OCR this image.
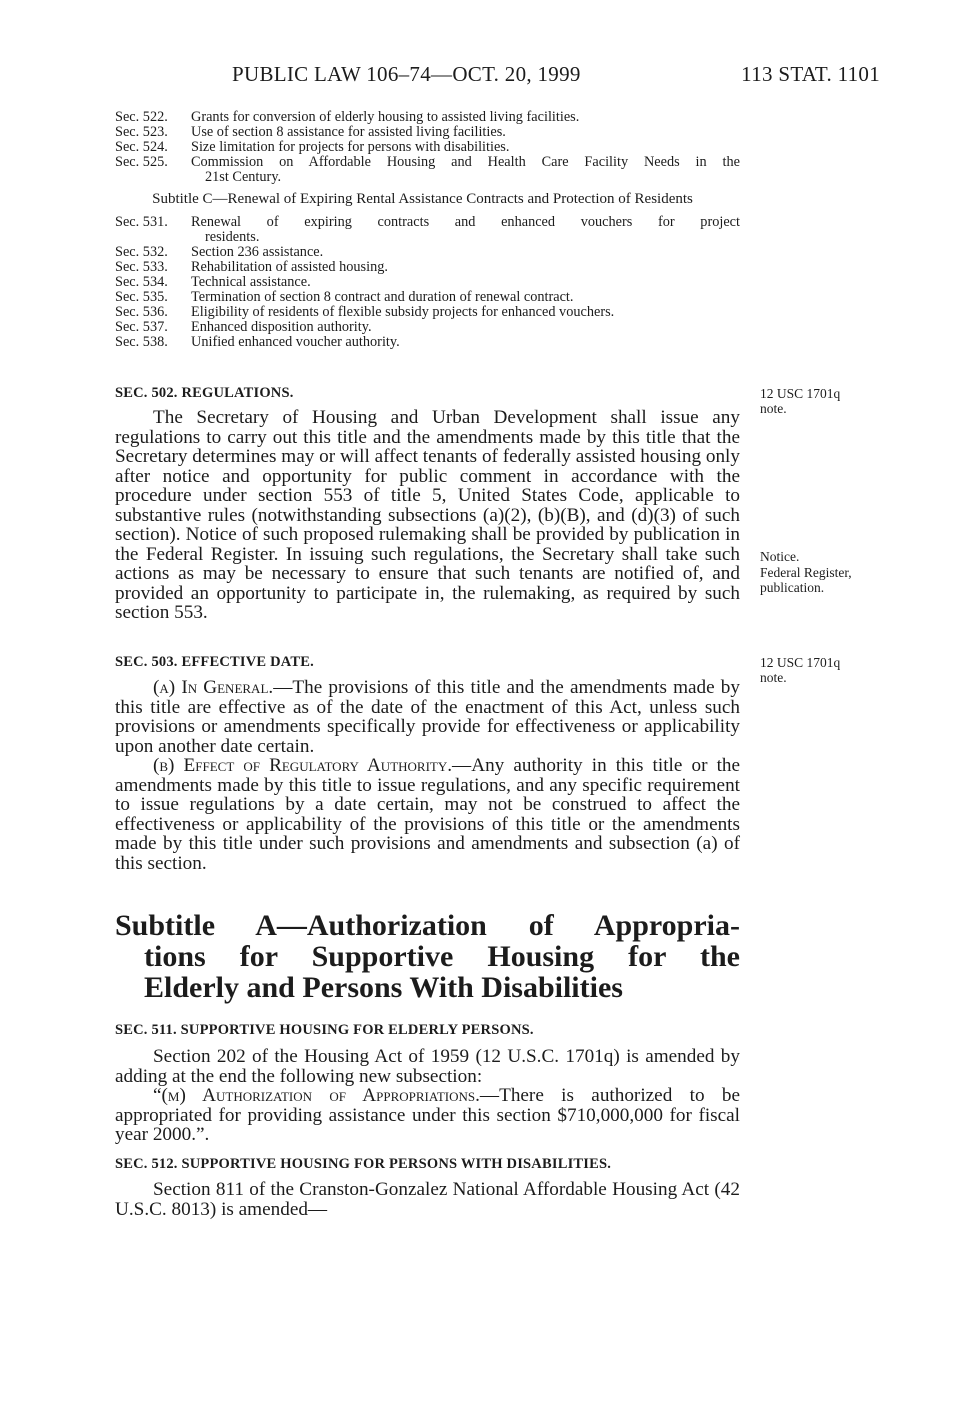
PUBLIC LAW 106–74—OCT. 20, 1999	113 STAT. 1101
Sec. 522.	Grants for conversion of elderly housing to assisted living facilities.
Sec. 523.	Use of section 8 assistance for assisted living facilities.
Sec. 524.	Size limitation for projects for persons with disabilities.
Sec. 525.	Commission on Affordable Housing and Health Care Facility Needs in the
21st Century.
Subtitle C—Renewal of Expiring Rental Assistance Contracts and Protection of Residents
Sec. 531.	Renewal of expiring contracts and enhanced vouchers for project
residents.
Sec. 532.	Section 236 assistance.
Sec. 533.	Rehabilitation of assisted housing.
Sec. 534.	Technical assistance.
Sec. 535.	Termination of section 8 contract and duration of renewal contract.
Sec. 536.	Eligibility of residents of flexible subsidy projects for enhanced vouchers.
Sec. 537.	Enhanced disposition authority.
Sec. 538.	Unified enhanced voucher authority.
SEC. 502. REGULATIONS.
The Secretary of Housing and Urban Development shall issue any regulations to carry out this title and the amendments made by this title that the Secretary determines may or will affect tenants of federally assisted housing only after notice and opportunity for public comment in accordance with the procedure under section 553 of title 5, United States Code, applicable to substantive rules (notwithstanding subsections (a)(2), (b)(B), and (d)(3) of such section). Notice of such proposed rulemaking shall be provided by publication in the Federal Register. In issuing such regulations, the Secretary shall take such actions as may be necessary to ensure that such tenants are notified of, and provided an opportunity to participate in, the rulemaking, as required by such section 553.
SEC. 503. EFFECTIVE DATE.
(a) In General.—The provisions of this title and the amendments made by this title are effective as of the date of the enactment of this Act, unless such provisions or amendments specifically provide for effectiveness or applicability upon another date certain.
(b) Effect of Regulatory Authority.—Any authority in this title or the amendments made by this title to issue regulations, and any specific requirement to issue regulations by a date certain, may not be construed to affect the effectiveness or applicability of the provisions of this title or the amendments made by this title under such provisions and amendments and subsection (a) of this section.
Subtitle A—Authorization of Appropria-
tions for Supportive Housing for the
Elderly and Persons With Disabilities
SEC. 511. SUPPORTIVE HOUSING FOR ELDERLY PERSONS.
Section 202 of the Housing Act of 1959 (12 U.S.C. 1701q) is amended by adding at the end the following new subsection:
“(m) Authorization of Appropriations.—There is authorized to be appropriated for providing assistance under this section $710,000,000 for fiscal year 2000.”.
SEC. 512. SUPPORTIVE HOUSING FOR PERSONS WITH DISABILITIES.
Section 811 of the Cranston-Gonzalez National Affordable Housing Act (42 U.S.C. 8013) is amended—
12 USC 1701q note.
Notice.
Federal Register, publication.
12 USC 1701q note.
